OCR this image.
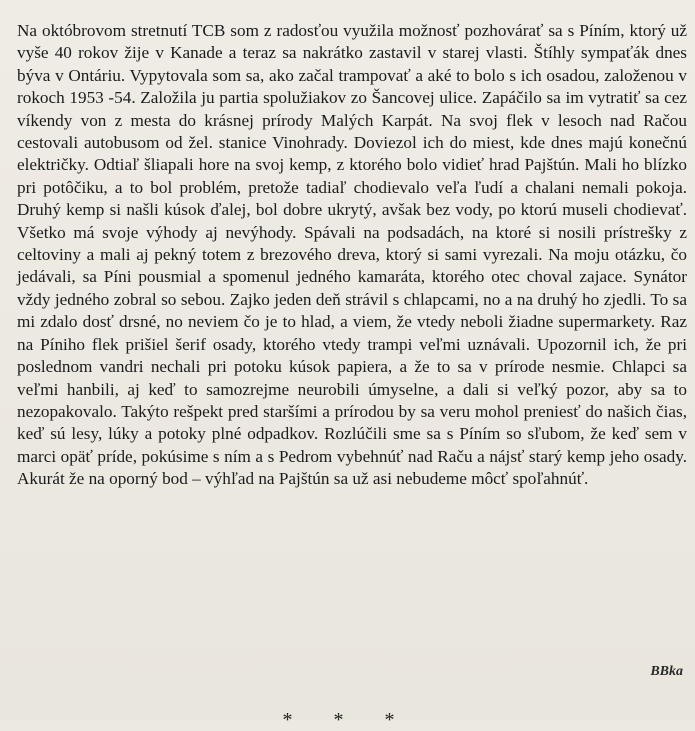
Na októbrovom stretnutí TCB som z radosťou využila možnosť pozhovárať sa s Píním, ktorý už vyše 40 rokov žije v Kanade a teraz sa nakrátko zastavil v starej vlasti. Štíhly sympaťák dnes býva v Ontáriu. Vypytovala som sa, ako začal trampovať a aké to bolo s ich osadou, založenou v rokoch 1953 -54. Založila ju partia spolužiakov zo Šancovej ulice. Zapáčilo sa im vytratiť sa cez víkendy von z mesta do krásnej prírody Malých Karpát. Na svoj flek v lesoch nad Račou cestovali autobusom od žel. stanice Vinohrady. Doviezol ich do miest, kde dnes majú konečnú električky. Odtiaľ šliapali hore na svoj kemp, z ktorého bolo vidieť hrad Pajštún. Mali ho blízko pri potôčiku, a to bol problém, pretože tadiaľ chodievalo veľa ľudí a chalani nemali pokoja. Druhý kemp si našli kúsok ďalej, bol dobre ukrytý, avšak bez vody, po ktorú museli chodievať. Všetko má svoje výhody aj nevýhody. Spávali na podsadách, na ktoré si nosili prístrešky z celtoviny a mali aj pekný totem z brezového dreva, ktorý si sami vyrezali. Na moju otázku, čo jedávali, sa Píni pousmial a spomenul jedného kamaráta, ktorého otec choval zajace. Synátor vždy jedného zobral so sebou. Zajko jeden deň strávil s chlapcami, no a na druhý ho zjedli. To sa mi zdalo dosť drsné, no neviem čo je to hlad, a viem, že vtedy neboli žiadne supermarkety. Raz na Píniho flek prišiel šerif osady, ktorého vtedy trampi veľmi uznávali. Upozornil ich, že pri poslednom vandri nechali pri potoku kúsok papiera, a že to sa v prírode nesmie. Chlapci sa veľmi hanbili, aj keď to samozrejme neurobili úmyselne, a dali si veľký pozor, aby sa to nezopakovalo. Takýto rešpekt pred staršími a prírodou by sa veru mohol preniesť do našich čias, keď sú lesy, lúky a potoky plné odpadkov. Rozlúčili sme sa s Píním so sľubom, že keď sem v marci opäť príde, pokúsime s ním a s Pedrom vybehnúť nad Raču a nájsť starý kemp jeho osady. Akurát že na oporný bod – výhľad na Pajštún sa už asi nebudeme môcť spoľahnúť.

BBka
* * *
